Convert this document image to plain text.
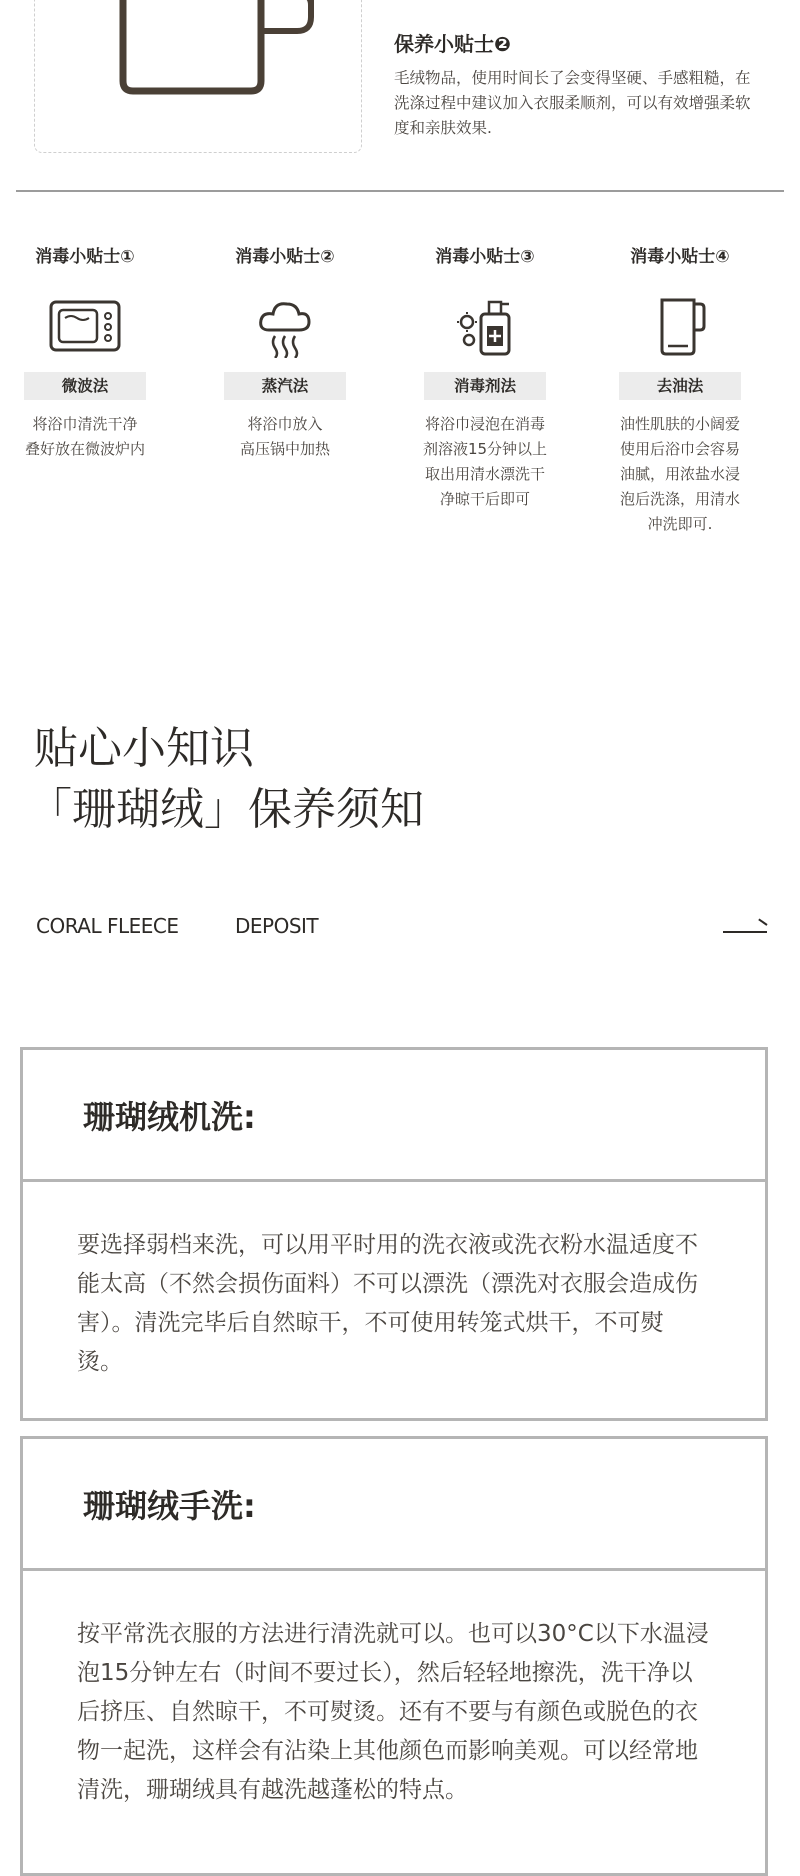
保养小贴士❷
毛绒物品，使用时间长了会变得坚硬、手感粗糙，在洗涤过程中建议加入衣服柔顺剂，可以有效增强柔软度和亲肤效果.
消毒小贴士①
微波法
将浴巾清洗干净
叠好放在微波炉内
消毒小贴士②
蒸汽法
将浴巾放入
高压锅中加热
消毒小贴士③
消毒剂法
将浴巾浸泡在消毒
剂溶液15分钟以上
取出用清水漂洗干
净晾干后即可
消毒小贴士④
去油法
油性肌肤的小阔爱
使用后浴巾会容易
油腻，用浓盐水浸
泡后洗涤，用清水
冲洗即可.
贴心小知识
「珊瑚绒」保养须知
CORAL FLEECE	DEPOSIT
珊瑚绒机洗:
要选择弱档来洗，可以用平时用的洗衣液或洗衣粉水温适度不能太高（不然会损伤面料）不可以漂洗（漂洗对衣服会造成伤害）。清洗完毕后自然晾干，不可使用转笼式烘干，不可熨烫。
珊瑚绒手洗:
按平常洗衣服的方法进行清洗就可以。也可以30°C以下水温浸泡15分钟左右（时间不要过长），然后轻轻地擦洗，洗干净以后挤压、自然晾干，不可熨烫。还有不要与有颜色或脱色的衣物一起洗，这样会有沾染上其他颜色而影响美观。可以经常地清洗，珊瑚绒具有越洗越蓬松的特点。
